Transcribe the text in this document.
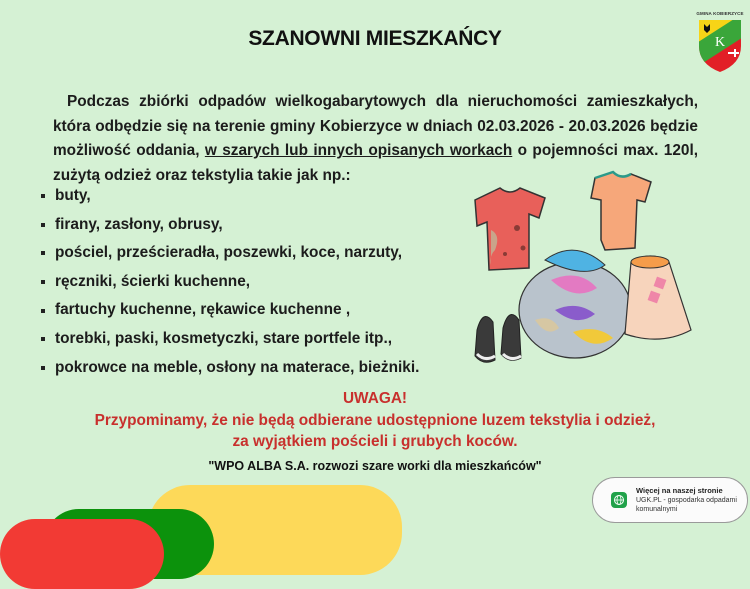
SZANOWNI MIESZKAŃCY
GMINA KOBIERZYCE
K
Podczas zbiórki odpadów wielkogabarytowych dla nieruchomości zamieszkałych, która odbędzie się na terenie gminy Kobierzyce w dniach 02.03.2026 - 20.03.2026 będzie możliwość oddania, w szarych lub innych opisanych workach o pojemności max. 120l, zużytą odzież oraz tekstylia takie jak np.:
buty,
firany, zasłony, obrusy,
pościel, prześcieradła, poszewki, koce, narzuty,
ręczniki, ścierki kuchenne,
fartuchy kuchenne, rękawice kuchenne ,
torebki, paski, kosmetyczki, stare portfele itp.,
pokrowce na meble, osłony na materace, bieżniki.
UWAGA!
Przypominamy, że nie będą odbierane udostępnione luzem tekstylia i odzież,
za wyjątkiem pościeli i grubych koców.
"WPO ALBA S.A. rozwozi szare worki dla mieszkańców"
Więcej na naszej stronie
UGK.PL - gospodarka odpadami komunalnymi
